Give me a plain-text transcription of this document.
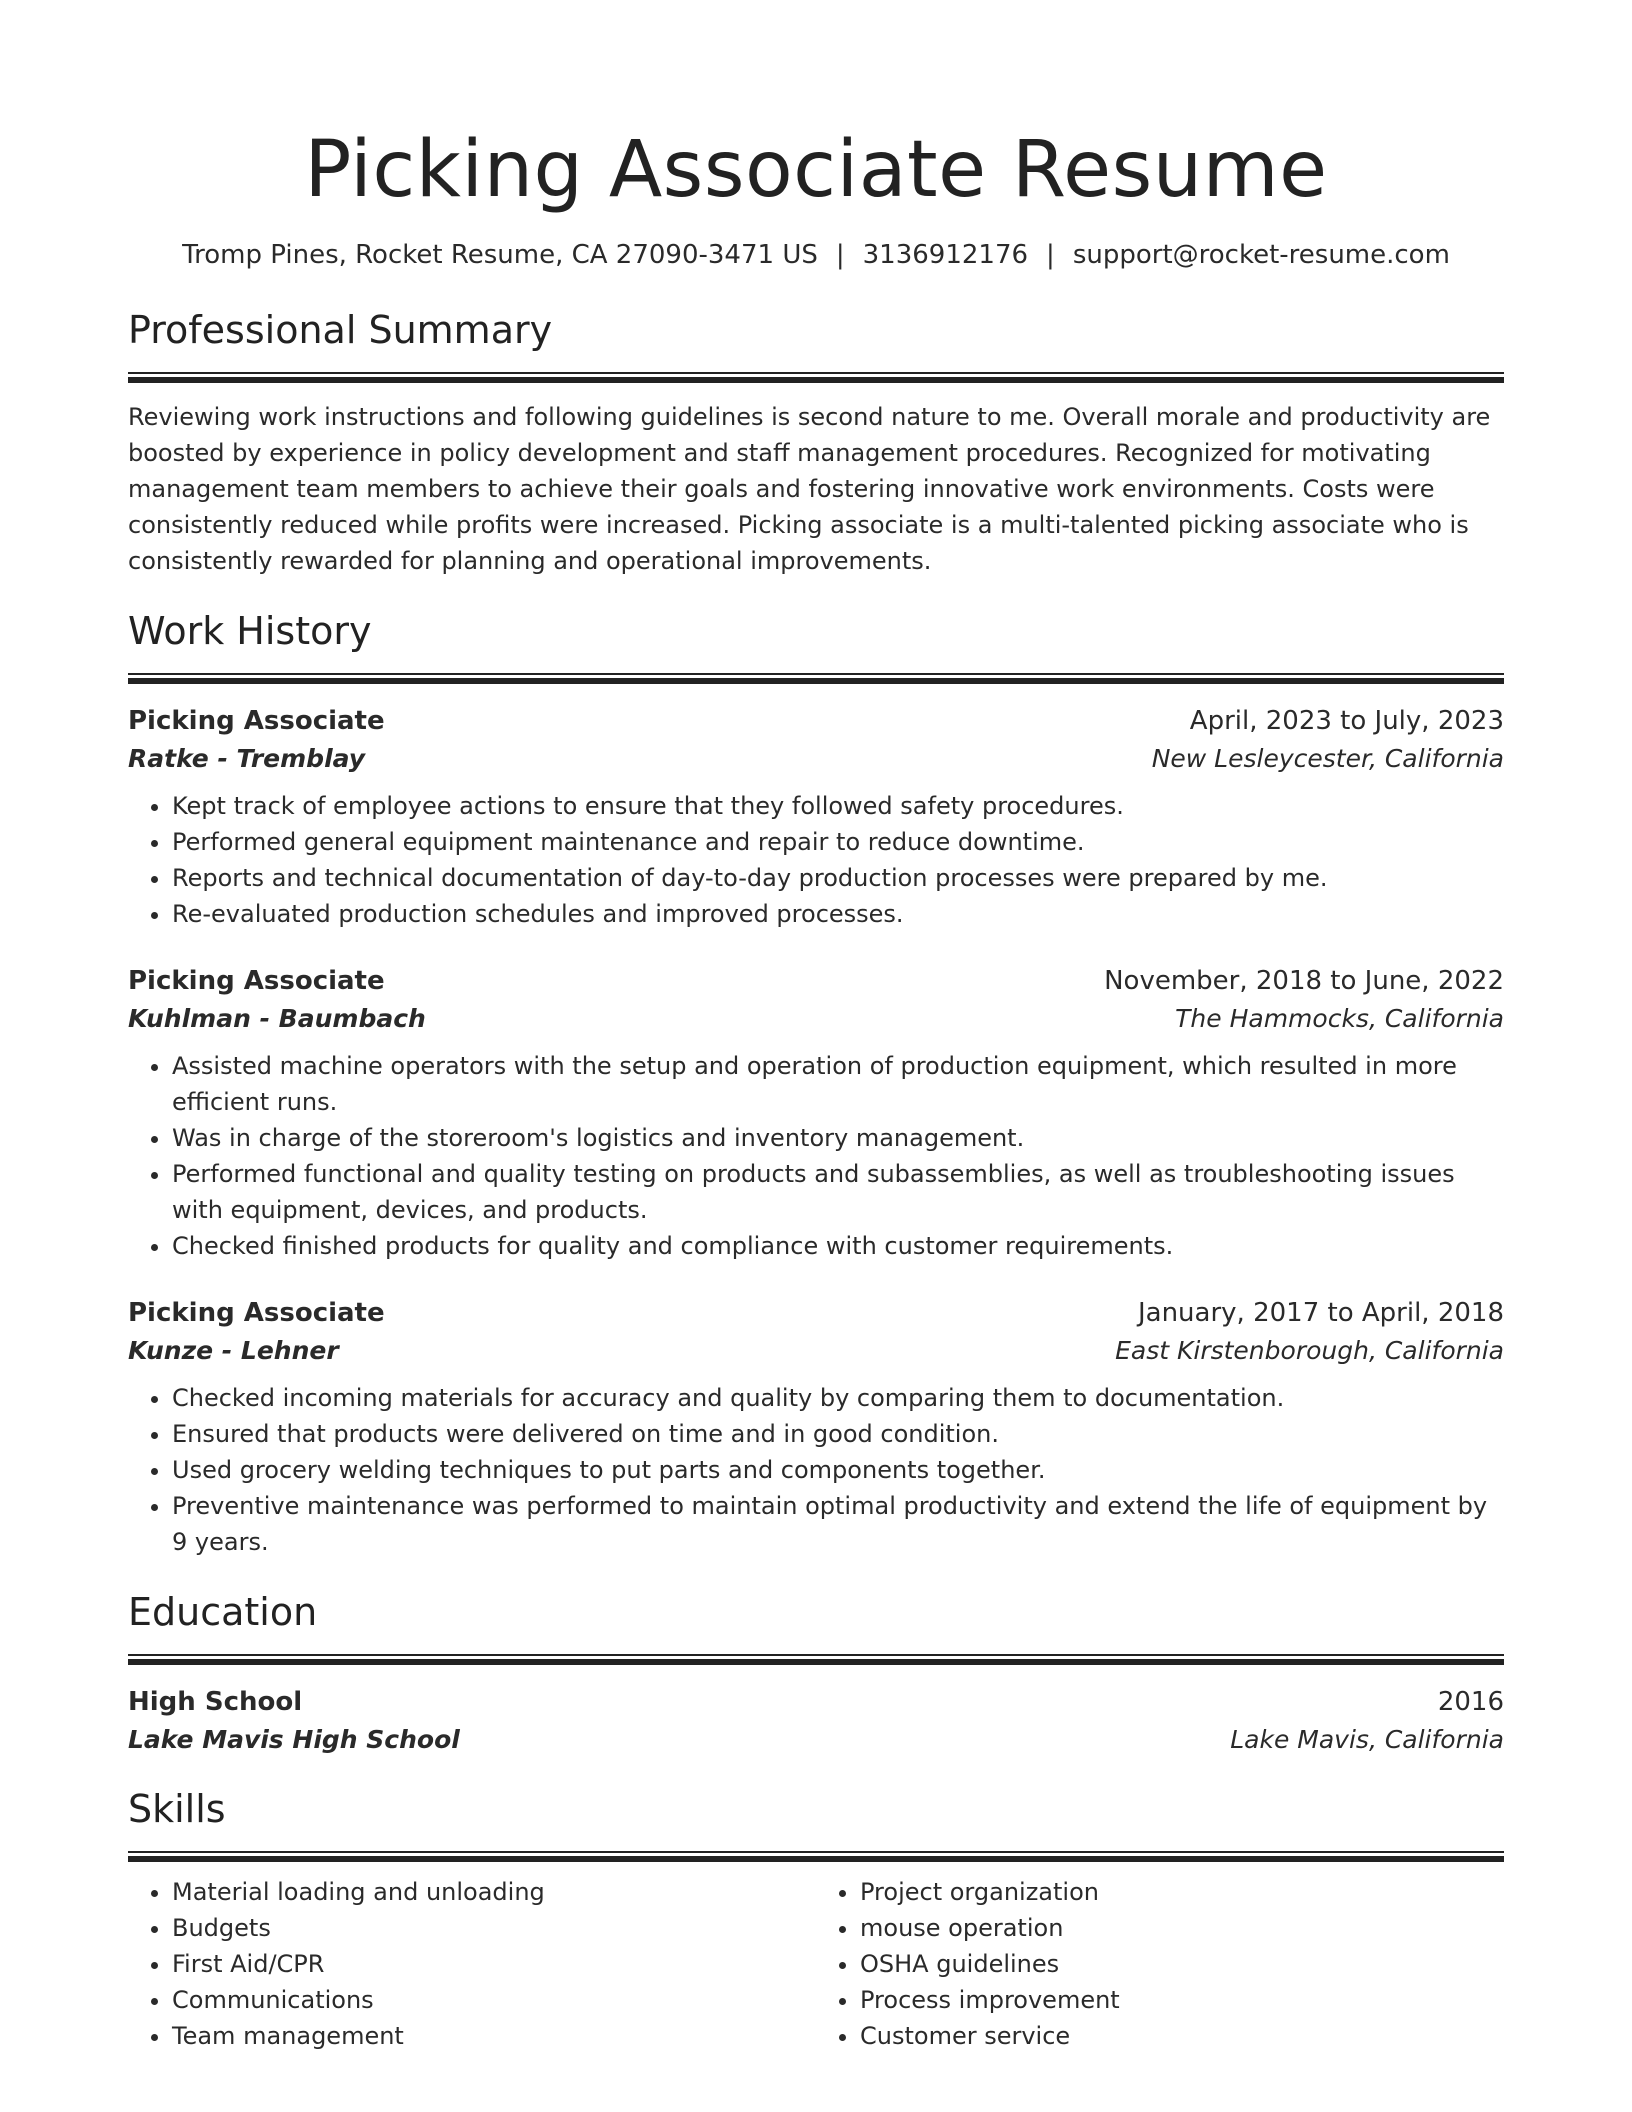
Picking Associate Resume
Tromp Pines, Rocket Resume, CA 27090-3471 US | 3136912176 | support@rocket-resume.com
Professional Summary
Reviewing work instructions and following guidelines is second nature to me. Overall morale and productivity are boosted by experience in policy development and staff management procedures. Recognized for motivating management team members to achieve their goals and fostering innovative work environments. Costs were consistently reduced while profits were increased. Picking associate is a multi-talented picking associate who is consistently rewarded for planning and operational improvements.
Work History
Picking Associate	April, 2023 to July, 2023
Ratke - Tremblay	New Lesleycester, California
• Kept track of employee actions to ensure that they followed safety procedures.
• Performed general equipment maintenance and repair to reduce downtime.
• Reports and technical documentation of day-to-day production processes were prepared by me.
• Re-evaluated production schedules and improved processes.
Picking Associate	November, 2018 to June, 2022
Kuhlman - Baumbach	The Hammocks, California
• Assisted machine operators with the setup and operation of production equipment, which resulted in more efficient runs.
• Was in charge of the storeroom's logistics and inventory management.
• Performed functional and quality testing on products and subassemblies, as well as troubleshooting issues with equipment, devices, and products.
• Checked finished products for quality and compliance with customer requirements.
Picking Associate	January, 2017 to April, 2018
Kunze - Lehner	East Kirstenborough, California
• Checked incoming materials for accuracy and quality by comparing them to documentation.
• Ensured that products were delivered on time and in good condition.
• Used grocery welding techniques to put parts and components together.
• Preventive maintenance was performed to maintain optimal productivity and extend the life of equipment by 9 years.
Education
High School	2016
Lake Mavis High School	Lake Mavis, California
Skills
• Material loading and unloading
• Budgets
• First Aid/CPR
• Communications
• Team management
• Project organization
• mouse operation
• OSHA guidelines
• Process improvement
• Customer service
